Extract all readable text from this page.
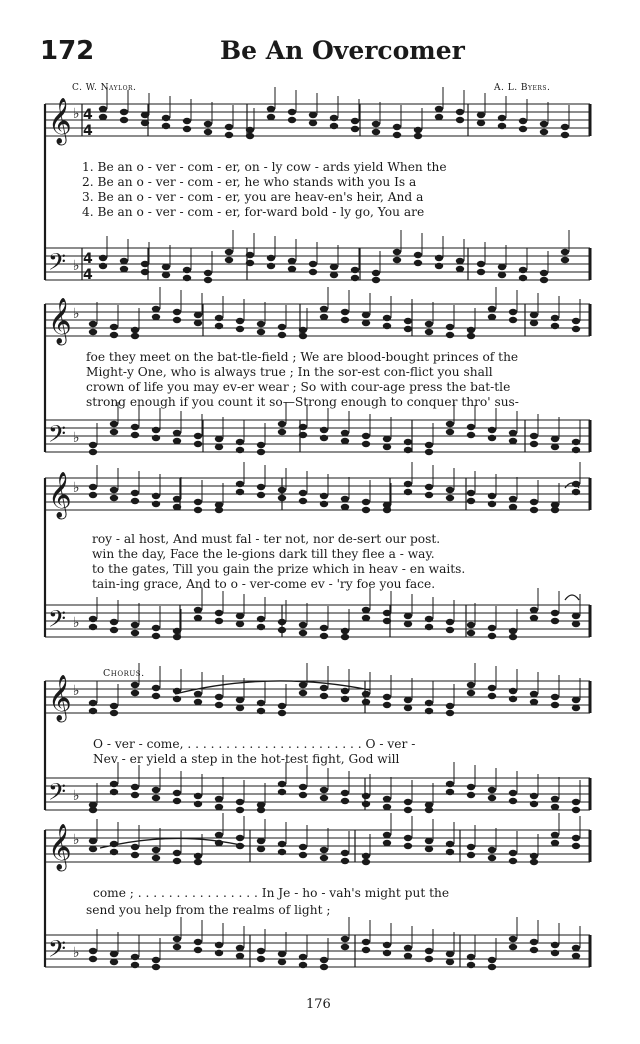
172	Be An Overcomer
C. W. Naylor.	A. L. Byers.
𝄞 ♭ 4
4
𝄢 ♭ 4
4
𝄞 ♭
𝄢 ♭
𝄞 ♭
𝄢 ♭
𝄞 ♭
𝄢 ♭
𝄞 ♭
𝄢 ♭
1. Be an o - ver - com - er, on - ly cow - ards yield When the
2. Be an o - ver - com - er, he who stands with you Is a
3. Be an o - ver - com - er, you are heav-en's heir, And a
4. Be an o - ver - com - er, for-ward bold - ly go, You are
foe they meet on the bat-tle-field ; We are blood-bought princes of the
Might-y One, who is always true ; In the sor-est con-flict you shall
crown of life you may ev-er wear ; So with cour-age press the bat-tle
strong enough if you count it so—Strong enough to conquer thro' sus-
roy - al host, And must fal - ter not, nor de-sert our post.
win the day, Face the le-gions dark till they flee a - way.
to the gates, Till you gain the prize which in heav - en waits.
tain-ing grace, And to o - ver-come ev - 'ry foe you face.
Chorus.
O - ver - come, . . . . . . . . . . . . . . . . . . . . . . . O - ver -
Nev - er yield a step in the hot-test fight, God will
come ; . . . . . . . . . . . . . . . . In Je - ho - vah's might put the
send you help from the realms of light ;
176
